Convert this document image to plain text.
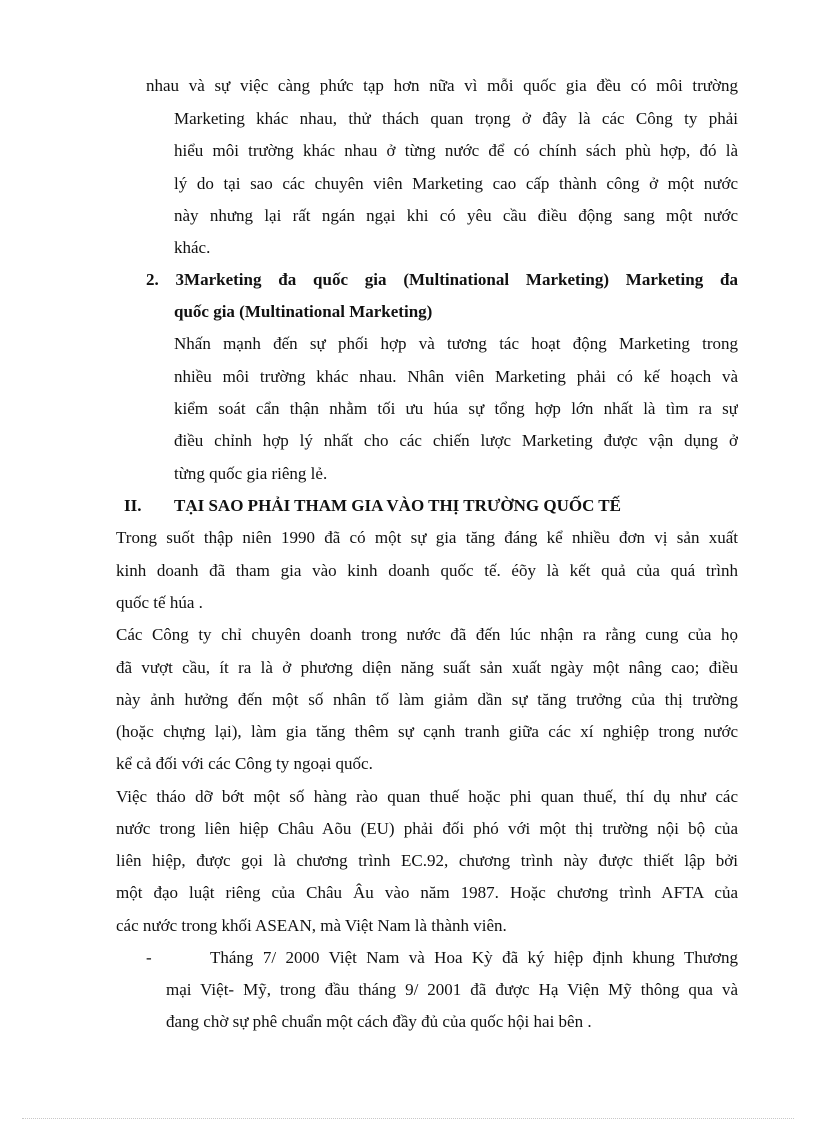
nhau và sự việc càng phức tạp hơn nữa vì mỗi quốc gia đều có môi trường
Marketing khác nhau, thử thách quan trọng ở đây là các Công ty phải
hiểu môi trường khác nhau ở từng nước để có chính sách phù hợp, đó là
lý do tại sao các chuyên viên Marketing cao cấp thành công ở một nước
này nhưng lại rất ngán ngại khi có yêu cầu điều động sang một nước
khác.
2. 3Marketing đa quốc gia (Multinational Marketing) Marketing đa
quốc gia (Multinational Marketing)
Nhấn mạnh đến sự phối hợp và tương tác hoạt động Marketing trong
nhiều môi trường khác nhau. Nhân viên Marketing phải có kế hoạch và
kiểm soát cẩn thận nhằm tối ưu húa sự tổng hợp lớn nhất là tìm ra sự
điều chỉnh hợp lý nhất cho các chiến lược Marketing được vận dụng ở
từng quốc gia riêng lẻ.
II. TẠI SAO PHẢI THAM GIA VÀO THỊ TRƯỜNG QUỐC TẾ
Trong suốt thập niên 1990 đã có một sự gia tăng đáng kể nhiều đơn vị sản xuất
kinh doanh đã tham gia vào kinh doanh quốc tế. éõy là kết quả của quá trình
quốc tế húa .
Các Công ty chỉ chuyên doanh trong nước đã đến lúc nhận ra rằng cung của họ
đã vượt cầu, ít ra là ở phương diện năng suất sản xuất ngày một nâng cao; điều
này ảnh hưởng đến một số nhân tố làm giảm dần sự tăng trưởng của thị trường
(hoặc chựng lại), làm gia tăng thêm sự cạnh tranh giữa các xí nghiệp trong nước
kể cả đối với các Công ty ngoại quốc.
Việc tháo dỡ bớt một số hàng rào quan thuế hoặc phi quan thuế, thí dụ như các
nước trong liên hiệp Châu Aõu (EU) phải đối phó với một thị trường nội bộ của
liên hiệp, được gọi là chương trình EC.92, chương trình này được thiết lập bởi
một đạo luật riêng của Châu Âu vào năm 1987. Hoặc chương trình AFTA của
các nước trong khối ASEAN, mà Việt Nam là thành viên.
-	Tháng 7/ 2000 Việt Nam và Hoa Kỳ đã ký hiệp định khung Thương
mại Việt- Mỹ, trong đầu tháng 9/ 2001 đã được Hạ Viện Mỹ thông qua và
đang chờ sự phê chuẩn một cách đầy đủ của quốc hội hai bên .
